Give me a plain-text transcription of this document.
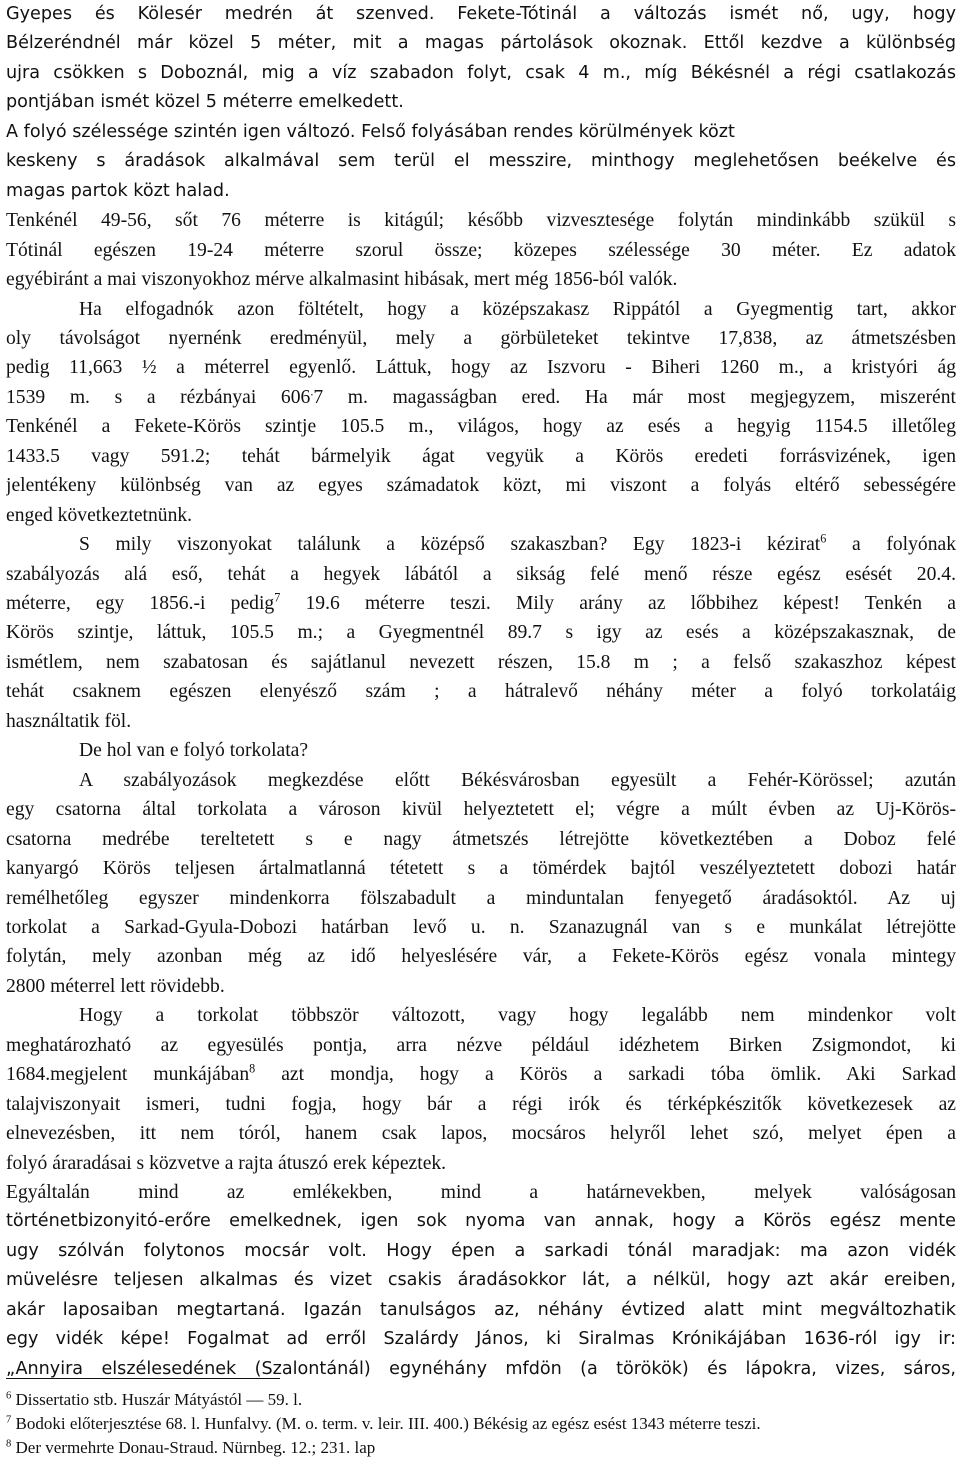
Gyepes és Kölesér medrén át szenved. Fekete-Tótinál a változás ismét nő, ugy, hogy
Bélzeréndnél már közel 5 méter, mit a magas pártolások okoznak. Ettől kezdve a különbség
ujra csökken s Doboznál, mig a víz szabadon folyt, csak 4 m., míg Békésnél a régi csatlakozás
pontjában ismét közel 5 méterre emelkedett.
A folyó szélessége szintén igen változó. Felső folyásában rendes körülmények közt
keskeny s áradások alkalmával sem terül el messzire, minthogy meglehetősen beékelve és
magas partok közt halad.
Tenkénél 49-56, sőt 76 méterre is kitágúl; később vizvesztesége folytán mindinkább szükül s
Tótinál egészen 19-24 méterre szorul össze; közepes szélessége 30 méter. Ez adatok
egyébiránt a mai viszonyokhoz mérve alkalmasint hibásak, mert még 1856-ból valók.
Ha elfogadnók azon föltételt, hogy a középszakasz Rippától a Gyegmentig tart, akkor
oly távolságot nyernénk eredményül, mely a görbületeket tekintve 17,838, az átmetszésben
pedig 11,663 ½ a méterrel egyenlő. Láttuk, hogy az Iszvoru - Biheri 1260 m., a kristyóri ág
1539 m. s a rézbányai 606.7 m. magasságban ered. Ha már most megjegyzem, miszerént
Tenkénél a Fekete-Körös szintje 105.5 m., világos, hogy az esés a hegyig 1154.5 illetőleg
1433.5 vagy 591.2; tehát bármelyik ágat vegyük a Körös eredeti forrásvizének, igen
jelentékeny különbség van az egyes számadatok közt, mi viszont a folyás eltérő sebességére
enged következtetnünk.
S mily viszonyokat találunk a középső szakaszban? Egy 1823-i kézirat$^6$ a folyónak
szabályozás alá eső, tehát a hegyek lábától a sikság felé menő része egész esését 20.4.
méterre, egy 1856.-i pedig$^7$ 19.6 méterre teszi. Mily arány az lőbbihez képest! Tenkén a
Körös szintje, láttuk, 105.5 m.; a Gyegmentnél 89.7 s igy az esés a középszakasznak, de
ismétlem, nem szabatosan és sajátlanul nevezett részen, 15.8 m ; a felső szakaszhoz képest
tehát csaknem egészen elenyésző szám ; a hátralevő néhány méter a folyó torkolatáig
használtatik föl.
De hol van e folyó torkolata?
A szabályozások megkezdése előtt Békésvárosban egyesült a Fehér-Körössel; azután
egy csatorna által torkolata a városon kivül helyeztetett el; végre a múlt évben az Uj-Körös-
csatorna medrébe tereltetett s e nagy átmetszés létrejötte következtében a Doboz felé
kanyargó Körös teljesen ártalmatlanná tétetett s a tömérdek bajtól veszélyeztetett dobozi határ
remélhetőleg egyszer mindenkorra fölszabadult a minduntalan fenyegető áradásoktól. Az uj
torkolat a Sarkad-Gyula-Dobozi határban levő u. n. Szanazugnál van s e munkálat létrejötte
folytán, mely azonban még az idő helyeslésére vár, a Fekete-Körös egész vonala mintegy
2800 méterrel lett rövidebb.
Hogy a torkolat többször változott, vagy hogy legalább nem mindenkor volt
meghatározható az egyesülés pontja, arra nézve például idézhetem Birken Zsigmondot, ki
1684.megjelent munkájában$^8$ azt mondja, hogy a Körös a sarkadi tóba ömlik. Aki Sarkad
talajviszonyait ismeri, tudni fogja, hogy bár a régi irók és térképkészitők következesek az
elnevezésben, itt nem tóról, hanem csak lapos, mocsáros helyről lehet szó, melyet épen a
folyó áraradásai s közvetve a rajta átuszó erek képeztek.
Egyáltalán mind az emlékekben, mind a határnevekben, melyek valóságosan
történetbizonyitó-erőre emelkednek, igen sok nyoma van annak, hogy a Körös egész mente
ugy szólván folytonos mocsár volt. Hogy épen a sarkadi tónál maradjak: ma azon vidék
müvelésre teljesen alkalmas és vizet csakis áradásokkor lát, a nélkül, hogy azt akár ereiben,
akár laposaiban megtartaná. Igazán tanulságos az, néhány évtized alatt mint megváltozhatik
egy vidék képe! Fogalmat ad erről Szalárdy János, ki Siralmas Krónikájában 1636-ról igy ir:
„Annyira elszélesedének (Szalontánál) egynéhány mfdön (a törökök) és lápokra, vizes, sáros,
$^6$ Dissertatio stb. Huszár Mátyástól — 59. l.
$^7$ Bodoki előterjesztése 68. l. Hunfalvy. (M. o. term. v. leir. III. 400.) Békésig az egész esést 1343 méterre teszi.
$^8$ Der vermehrte Donau-Straud. Nürnbeg. 12.; 231. lap
